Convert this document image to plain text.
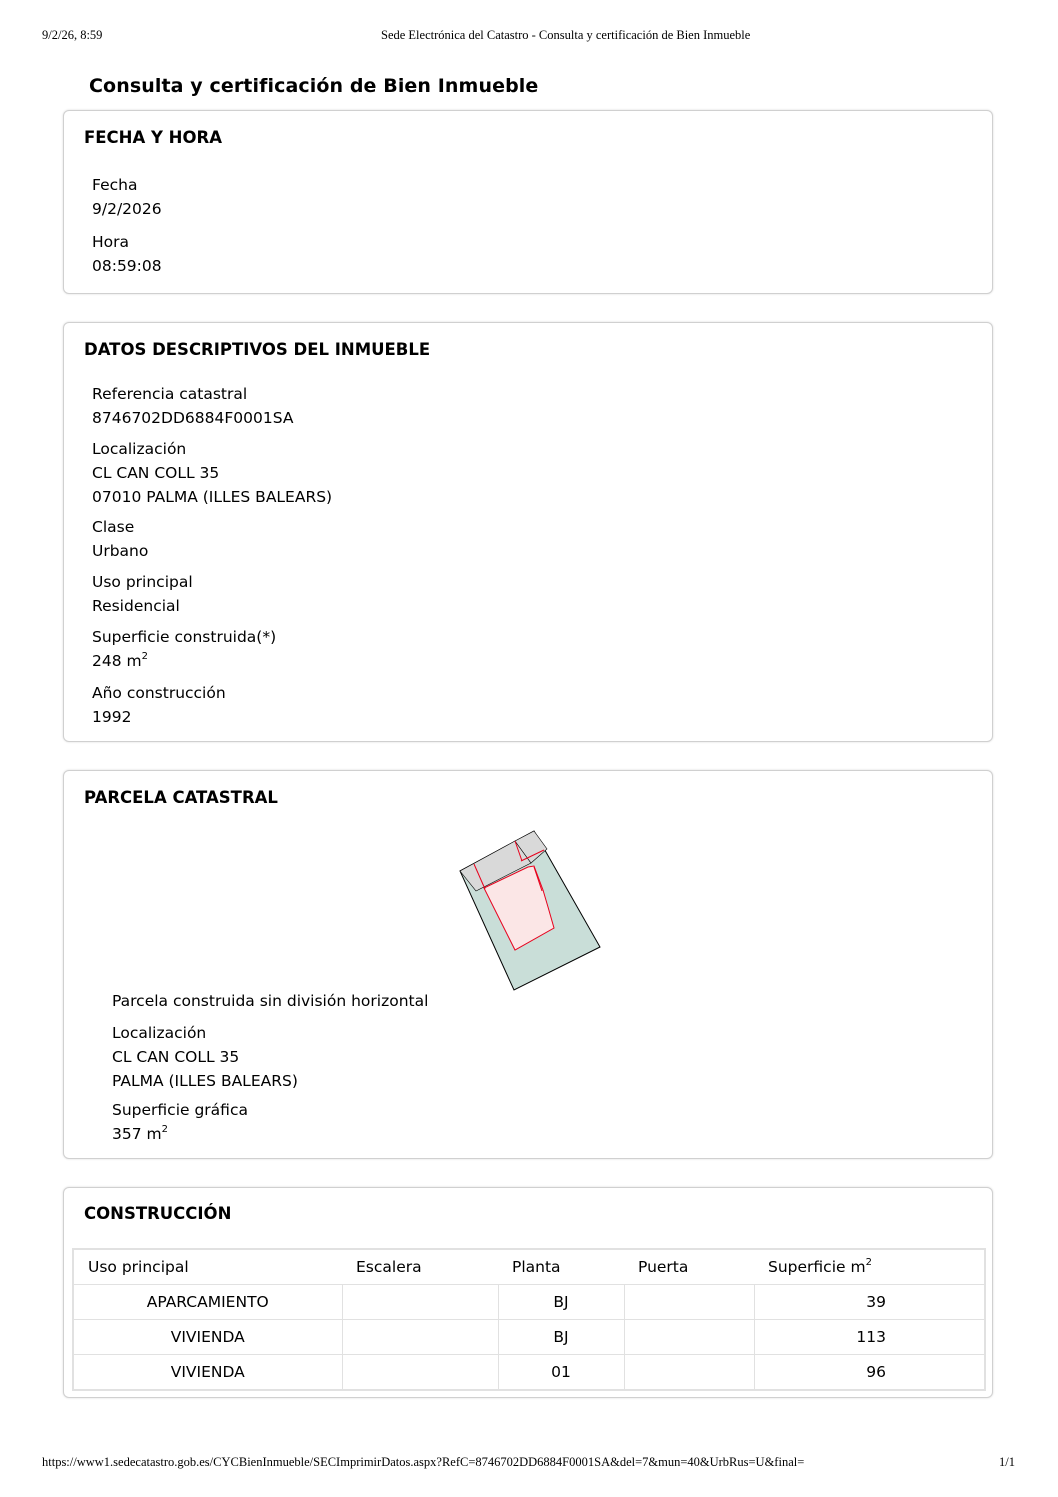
9/2/26, 8:59	Sede Electrónica del Catastro - Consulta y certificación de Bien Inmueble
Consulta y certificación de Bien Inmueble
FECHA Y HORA
Fecha
9/2/2026
Hora
08:59:08
DATOS DESCRIPTIVOS DEL INMUEBLE
Referencia catastral
8746702DD6884F0001SA
Localización
CL CAN COLL 35
07010 PALMA (ILLES BALEARS)
Clase
Urbano
Uso principal
Residencial
Superficie construida(*)
248 $m^2$
Año construcción
1992
PARCELA CATASTRAL
Parcela construida sin división horizontal
Localización
CL CAN COLL 35
PALMA (ILLES BALEARS)
Superficie gráfica
357 $m^2$
CONSTRUCCIÓN
Uso principal	Escalera	Planta	Puerta	Superficie $m^2$
APARCAMIENTO		BJ		39
VIVIENDA		BJ		113
VIVIENDA		01		96
https://www1.sedecatastro.gob.es/CYCBienInmueble/SECImprimirDatos.aspx?RefC=8746702DD6884F0001SA&del=7&mun=40&UrbRus=U&final=	1/1
